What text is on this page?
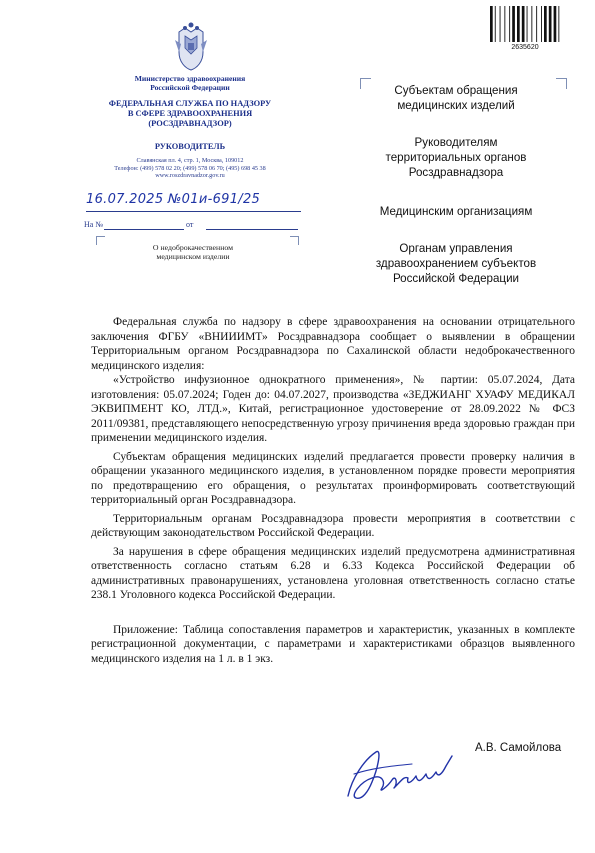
2635620
Министерство здравоохранения
Российской Федерации
ФЕДЕРАЛЬНАЯ СЛУЖБА ПО НАДЗОРУ
В СФЕРЕ ЗДРАВООХРАНЕНИЯ
(РОСЗДРАВНАДЗОР)
РУКОВОДИТЕЛЬ
Славянская пл. 4, стр. 1, Москва, 109012
Телефон: (499) 578 02 20; (499) 578 06 70; (495) 698 45 38
www.roszdravnadzor.gov.ru
16.07.2025 №01и-691/25
На №	от
О недоброкачественном
медицинском изделии
Субъектам обращения
медицинских изделий
Руководителям
территориальных органов
Росздравнадзора
Медицинским организациям
Органам управления
здравоохранением субъектов
Российской Федерации

Федеральная служба по надзору в сфере здравоохранения на основании отрицательного заключения ФГБУ «ВНИИИМТ» Росздравнадзора сообщает о выявлении в обращении Территориальным органом Росздравнадзора по Сахалинской области недоброкачественного медицинского изделия:

«Устройство инфузионное однократного применения», № партии: 05.07.2024, Дата изготовления: 05.07.2024; Годен до: 04.07.2027, производства «ЗЕДЖИАНГ ХУАФУ МЕДИКАЛ ЭКВИПМЕНТ КО, ЛТД.», Китай, регистрационное удостоверение от 28.09.2022 № ФСЗ 2011/09381, представляющего непосредственную угрозу причинения вреда здоровью граждан при применении медицинского изделия.

Субъектам обращения медицинских изделий предлагается провести проверку наличия в обращении указанного медицинского изделия, в установленном порядке провести мероприятия по предотвращению его обращения, о результатах проинформировать соответствующий территориальный орган Росздравнадзора.

Территориальным органам Росздравнадзора провести мероприятия в соответствии с действующим законодательством Российской Федерации.

За нарушения в сфере обращения медицинских изделий предусмотрена административная ответственность согласно статьям 6.28 и 6.33 Кодекса Российской Федерации об административных правонарушениях, установлена уголовная ответственность согласно статье 238.1 Уголовного кодекса Российской Федерации.

Приложение: Таблица сопоставления параметров и характеристик, указанных в комплекте регистрационной документации, с параметрами и характеристиками образцов выявленного медицинского изделия на 1 л. в 1 экз.

А.В. Самойлова
